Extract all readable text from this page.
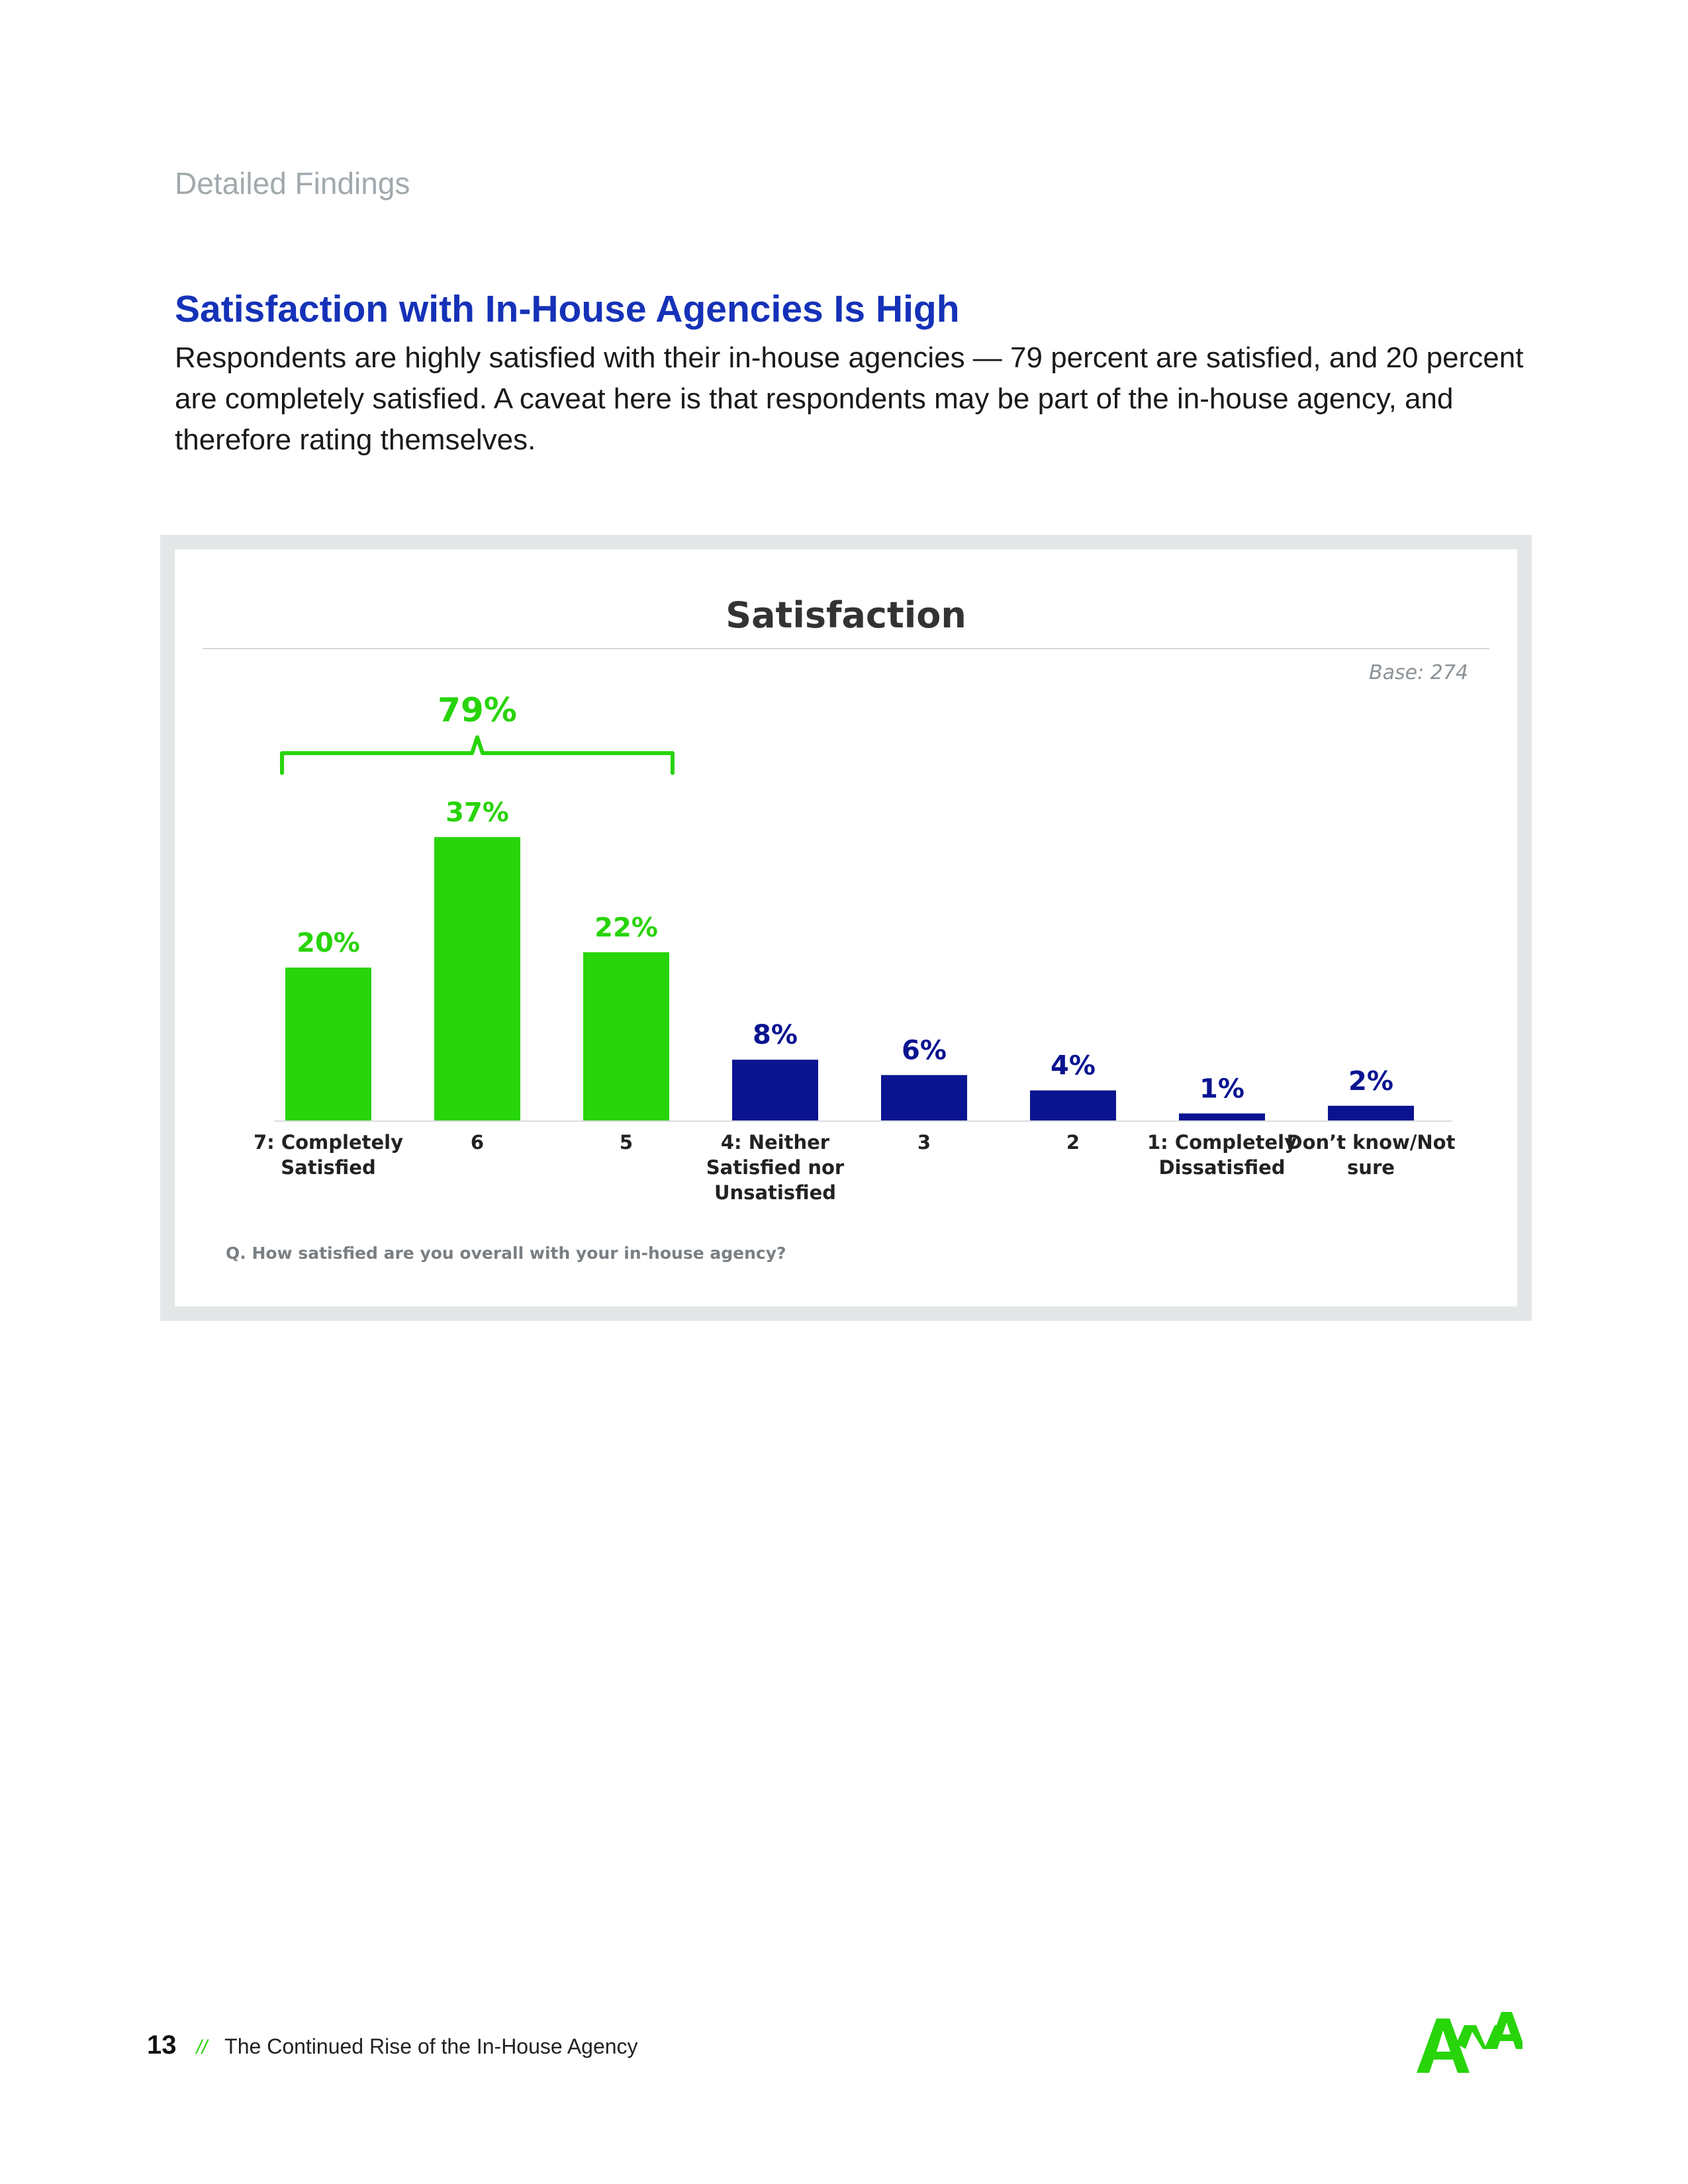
Detailed Findings
Satisfaction with In-House Agencies Is High

Respondents are highly satisfied with their in-house agencies — 79 percent are satisfied, and 20 percent are completely satisfied. A caveat here is that respondents may be part of the in-house agency, and therefore rating themselves.

Satisfaction
Base: 274
79%
20%
37%
22%
8%
6%
4%
1%	2%
7: Completely
Satisfied
6	5	4: Neither
Satisfied nor
Unsatisfied
3	2	1: Completely
Dissatisfied
Don’t know/Not
sure
Q. How satisfied are you overall with your in-house agency?
13 // The Continued Rise of the In-House Agency
